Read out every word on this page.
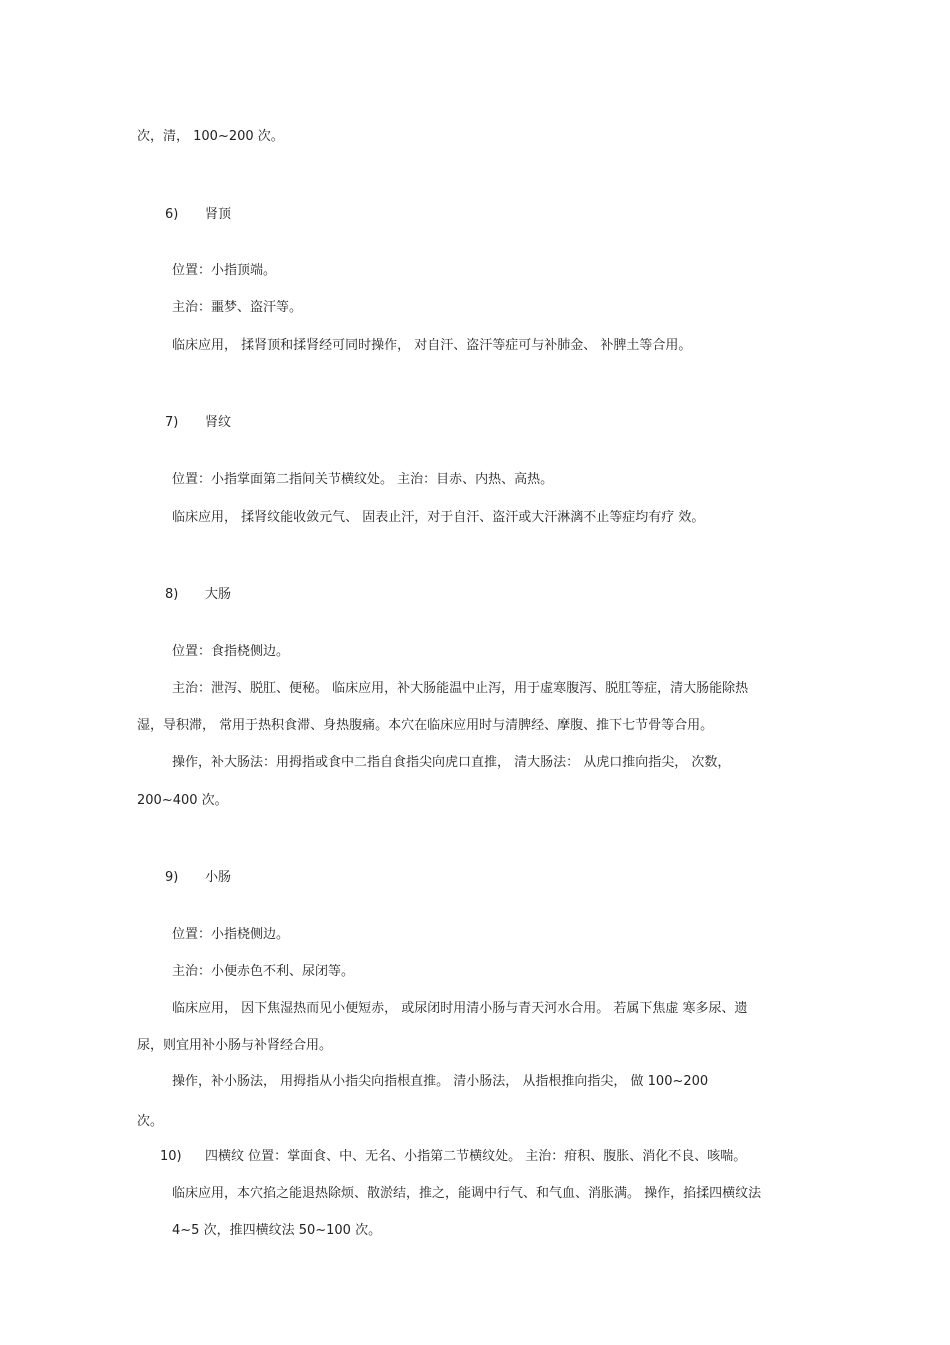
次，清， 100~200 次。

6) 肾顶

位置：小指顶端。

主治：噩梦、盗汗等。

临床应用， 揉肾顶和揉肾经可同时操作， 对自汗、盗汗等症可与补肺金、 补脾土等合用。

7) 肾纹

位置：小指掌面第二指间关节横纹处。 主治：目赤、内热、高热。

临床应用， 揉肾纹能收敛元气、 固表止汗，对于自汗、盗汗或大汗淋漓不止等症均有疗 效。

8) 大肠

位置：食指桡侧边。

主治：泄泻、脱肛、便秘。 临床应用，补大肠能温中止泻，用于虚寒腹泻、脱肛等症，清大肠能除热

湿，导积滞， 常用于热积食滞、身热腹痛。本穴在临床应用时与清脾经、摩腹、推下七节骨等合用。

操作，补大肠法：用拇指或食中二指自食指尖向虎口直推， 清大肠法： 从虎口推向指尖， 次数，

200~400 次。

9) 小肠

位置：小指桡侧边。

主治：小便赤色不利、尿闭等。

临床应用， 因下焦湿热而见小便短赤， 或尿闭时用清小肠与青天河水合用。 若属下焦虚 寒多尿、遗

尿，则宜用补小肠与补肾经合用。

操作，补小肠法， 用拇指从小指尖向指根直推。 清小肠法， 从指根推向指尖， 做 100~200

次。

10) 四横纹 位置：掌面食、中、无名、小指第二节横纹处。 主治：疳积、腹胀、消化不良、咳喘。

临床应用，本穴掐之能退热除烦、散淤结，推之，能调中行气、和气血、消胀满。 操作，掐揉四横纹法

4~5 次，推四横纹法 50~100 次。
